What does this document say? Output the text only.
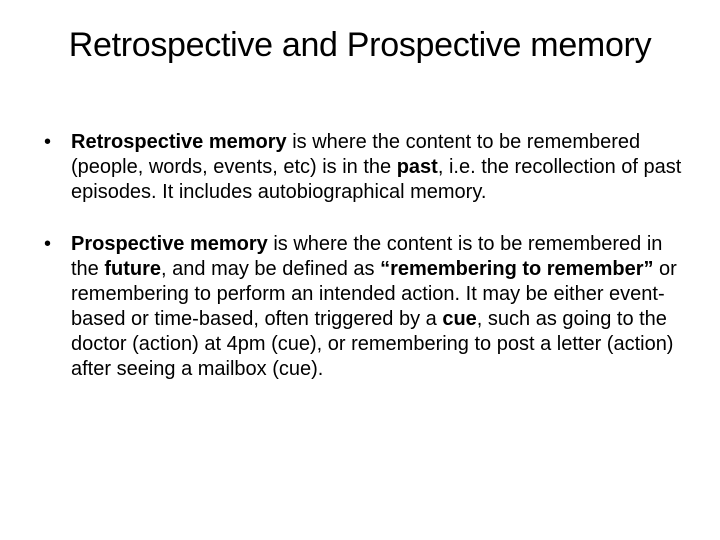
Retrospective and Prospective memory
• Retrospective memory is where the content to be remembered (people, words, events, etc) is in the past, i.e. the recollection of past episodes. It includes autobiographical memory.
• Prospective memory is where the content is to be remembered in the future, and may be defined as “remembering to remember” or remembering to perform an intended action. It may be either event-based or time-based, often triggered by a cue, such as going to the doctor (action) at 4pm (cue), or remembering to post a letter (action) after seeing a mailbox (cue).
